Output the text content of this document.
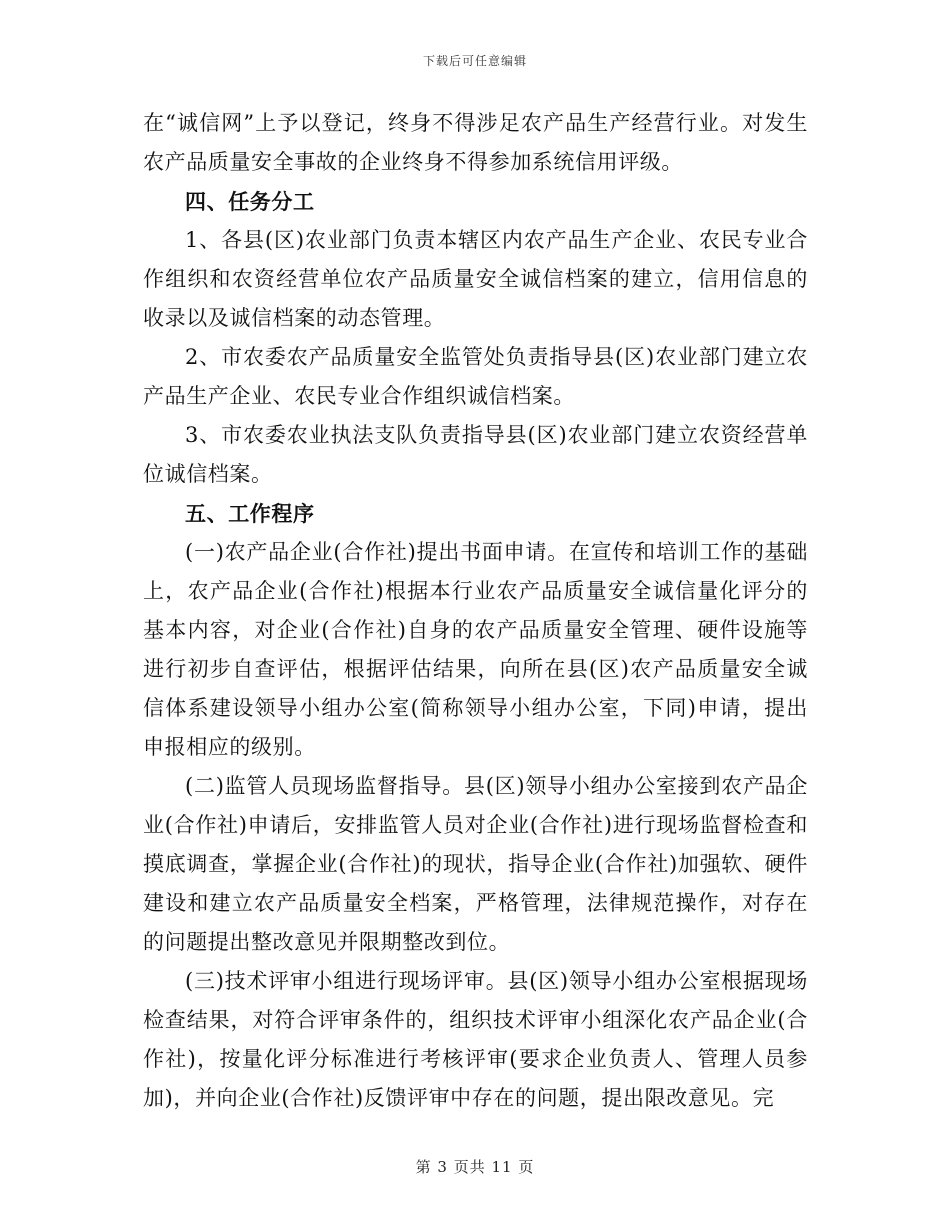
下载后可任意编辑

在“诚信网”上予以登记，终身不得涉足农产品生产经营行业。对发生农产品质量安全事故的企业终身不得参加系统信用评级。

四、任务分工

1、各县(区)农业部门负责本辖区内农产品生产企业、农民专业合作组织和农资经营单位农产品质量安全诚信档案的建立，信用信息的收录以及诚信档案的动态管理。

2、市农委农产品质量安全监管处负责指导县(区)农业部门建立农产品生产企业、农民专业合作组织诚信档案。

3、市农委农业执法支队负责指导县(区)农业部门建立农资经营单位诚信档案。

五、工作程序

(一)农产品企业(合作社)提出书面申请。在宣传和培训工作的基础上，农产品企业(合作社)根据本行业农产品质量安全诚信量化评分的基本内容，对企业(合作社)自身的农产品质量安全管理、硬件设施等进行初步自查评估，根据评估结果，向所在县(区)农产品质量安全诚信体系建设领导小组办公室(简称领导小组办公室，下同)申请，提出申报相应的级别。

(二)监管人员现场监督指导。县(区)领导小组办公室接到农产品企业(合作社)申请后，安排监管人员对企业(合作社)进行现场监督检查和摸底调查，掌握企业(合作社)的现状，指导企业(合作社)加强软、硬件建设和建立农产品质量安全档案，严格管理，法律规范操作，对存在的问题提出整改意见并限期整改到位。

(三)技术评审小组进行现场评审。县(区)领导小组办公室根据现场检查结果，对符合评审条件的，组织技术评审小组深化农产品企业(合作社)，按量化评分标准进行考核评审(要求企业负责人、管理人员参加)，并向企业(合作社)反馈评审中存在的问题，提出限改意见。完

第 3 页共 11 页
